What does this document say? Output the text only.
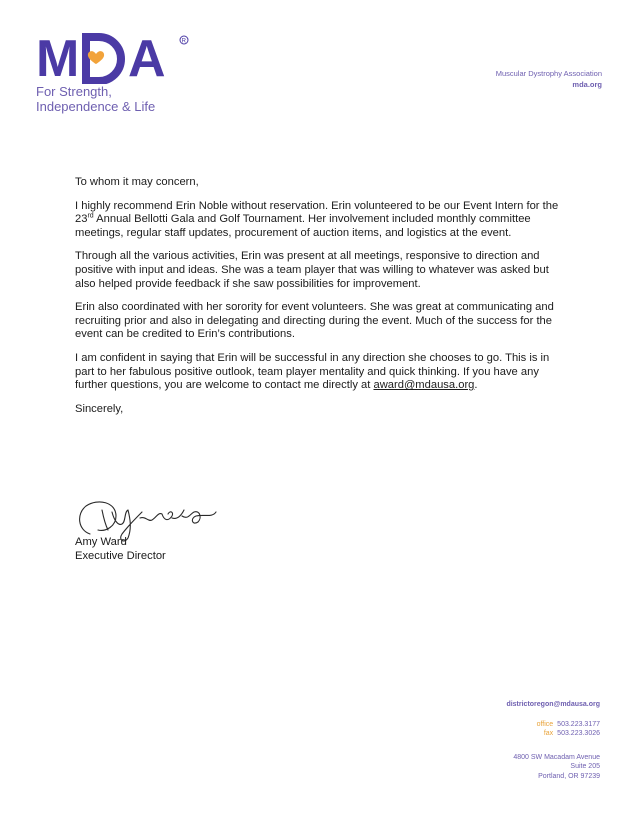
M A	R
For Strength,
Independence & Life
Muscular Dystrophy Association
mda.org

To whom it may concern,

I highly recommend Erin Noble without reservation. Erin volunteered to be our Event Intern for the 23rd Annual Bellotti Gala and Golf Tournament. Her involvement included monthly committee meetings, regular staff updates, procurement of auction items, and logistics at the event.

Through all the various activities, Erin was present at all meetings, responsive to direction and positive with input and ideas. She was a team player that was willing to whatever was asked but also helped provide feedback if she saw possibilities for improvement.

Erin also coordinated with her sorority for event volunteers. She was great at communicating and recruiting prior and also in delegating and directing during the event. Much of the success for the event can be credited to Erin’s contributions.

I am confident in saying that Erin will be successful in any direction she chooses to go. This is in part to her fabulous positive outlook, team player mentality and quick thinking. If you have any further questions, you are welcome to contact me directly at award@mdausa.org.

Sincerely,

Amy Ward
Executive Director
districtoregon@mdausa.org
office 503.223.3177
fax 503.223.3026
4800 SW Macadam Avenue
Suite 205
Portland, OR 97239
